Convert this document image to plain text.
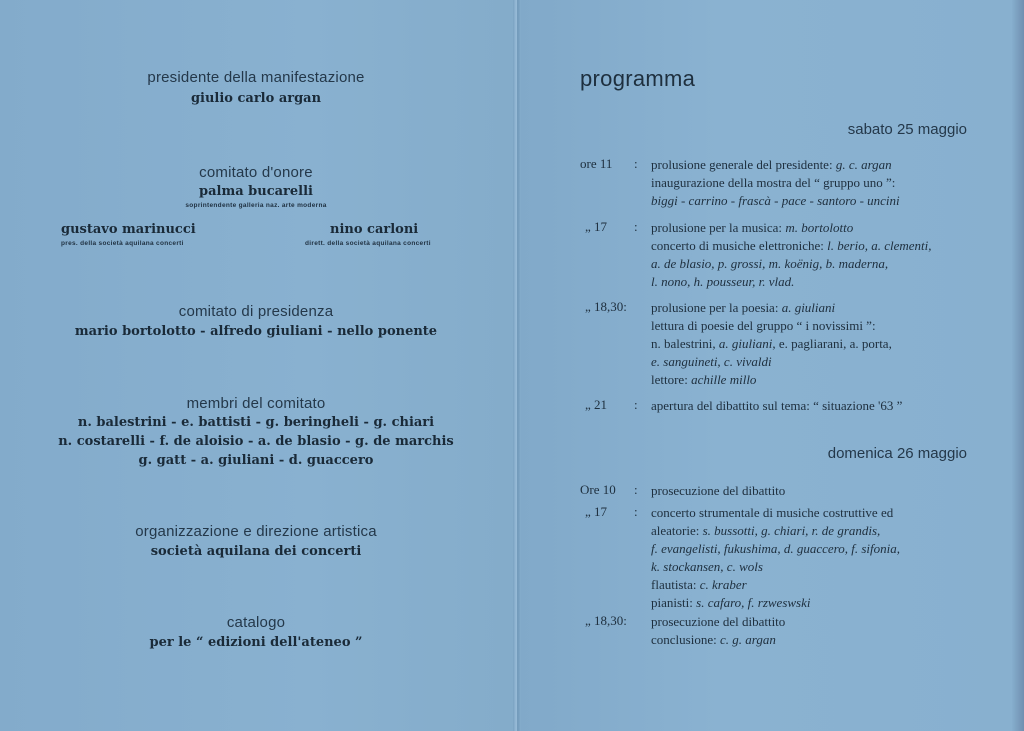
presidente della manifestazione
giulio carlo argan
comitato d'onore
palma bucarelli
soprintendente galleria naz. arte moderna
gustavo marinucci
pres. della società aquilana concerti
nino carloni
dirett. della società aquilana concerti
comitato di presidenza
mario bortolotto - alfredo giuliani - nello ponente
membri del comitato
n. balestrini - e. battisti - g. beringheli - g. chiari
n. costarelli - f. de aloisio - a. de blasio - g. de marchis
g. gatt - a. giuliani - d. guaccero
organizzazione e direzione artistica
società aquilana dei concerti
catalogo
per le “ edizioni dell'ateneo ”
programma
sabato 25 maggio
domenica 26 maggio
ore 11 : prolusione generale del presidente: g. c. argan

inaugurazione della mostra del “ gruppo uno ”:

biggi - carrino - frascà - pace - santoro - uncini

„ 17 : prolusione per la musica: m. bortolotto

concerto di musiche elettroniche: l. berio, a. clementi,

a. de blasio, p. grossi, m. koënig, b. maderna,

l. nono, h. pousseur, r. vlad.

„ 18,30: prolusione per la poesia: a. giuliani

lettura di poesie del gruppo “ i novissimi ”:

n. balestrini, a. giuliani, e. pagliarani, a. porta,

e. sanguineti, c. vivaldi

lettore: achille millo

„ 21 : apertura del dibattito sul tema: “ situazione '63 ”

Ore 10 : prosecuzione del dibattito

„ 17 : concerto strumentale di musiche costruttive ed

aleatorie: s. bussotti, g. chiari, r. de grandis,

f. evangelisti, fukushima, d. guaccero, f. sifonia,

k. stockansen, c. wols

flautista: c. kraber

pianisti: s. cafaro, f. rzweswski

„ 18,30: prosecuzione del dibattito

conclusione: c. g. argan
